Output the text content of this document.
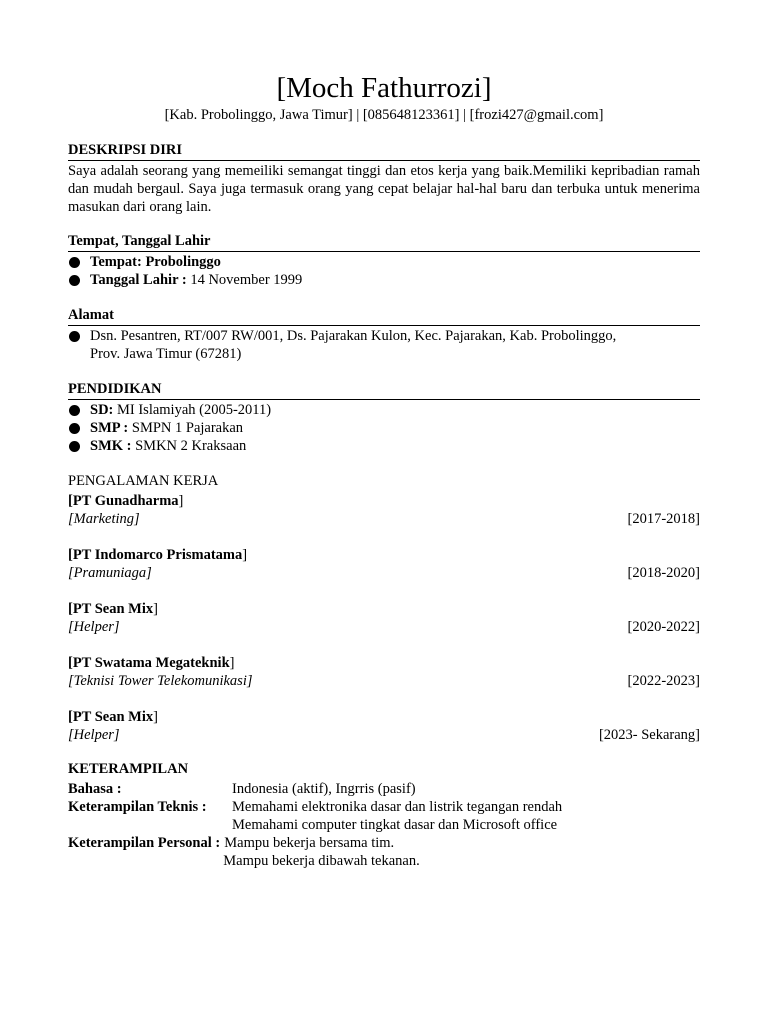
[Moch Fathurrozi]
[Kab. Probolinggo, Jawa Timur] | [085648123361] | [frozi427@gmail.com]
DESKRIPSI DIRI
Saya adalah seorang yang memeiliki semangat tinggi dan etos kerja yang baik.Memiliki kepribadian ramah dan mudah bergaul. Saya juga termasuk orang yang cepat belajar hal-hal baru dan terbuka untuk menerima masukan dari orang lain.
Tempat, Tanggal Lahir
Tempat: Probolinggo
Tanggal Lahir : 14 November 1999
Alamat
Dsn. Pesantren, RT/007 RW/001, Ds. Pajarakan Kulon, Kec. Pajarakan, Kab. Probolinggo,
Prov. Jawa Timur (67281)
PENDIDIKAN
SD: MI Islamiyah (2005-2011)
SMP : SMPN 1 Pajarakan
SMK : SMKN 2 Kraksaan
PENGALAMAN KERJA
[PT Gunadharma]
[Marketing]	[2017-2018]
[PT Indomarco Prismatama]
[Pramuniaga]	[2018-2020]
[PT Sean Mix]
[Helper]	[2020-2022]
[PT Swatama Megateknik]
[Teknisi Tower Telekomunikasi]	[2022-2023]
[PT Sean Mix]
[Helper]	[2023- Sekarang]
KETERAMPILAN
Bahasa :	Indonesia (aktif), Ingrris (pasif)
Keterampilan Teknis :	Memahami elektronika dasar dan listrik tegangan rendah
Memahami computer tingkat dasar dan Microsoft office
Keterampilan Personal : Mampu bekerja bersama tim.
Mampu bekerja dibawah tekanan.
